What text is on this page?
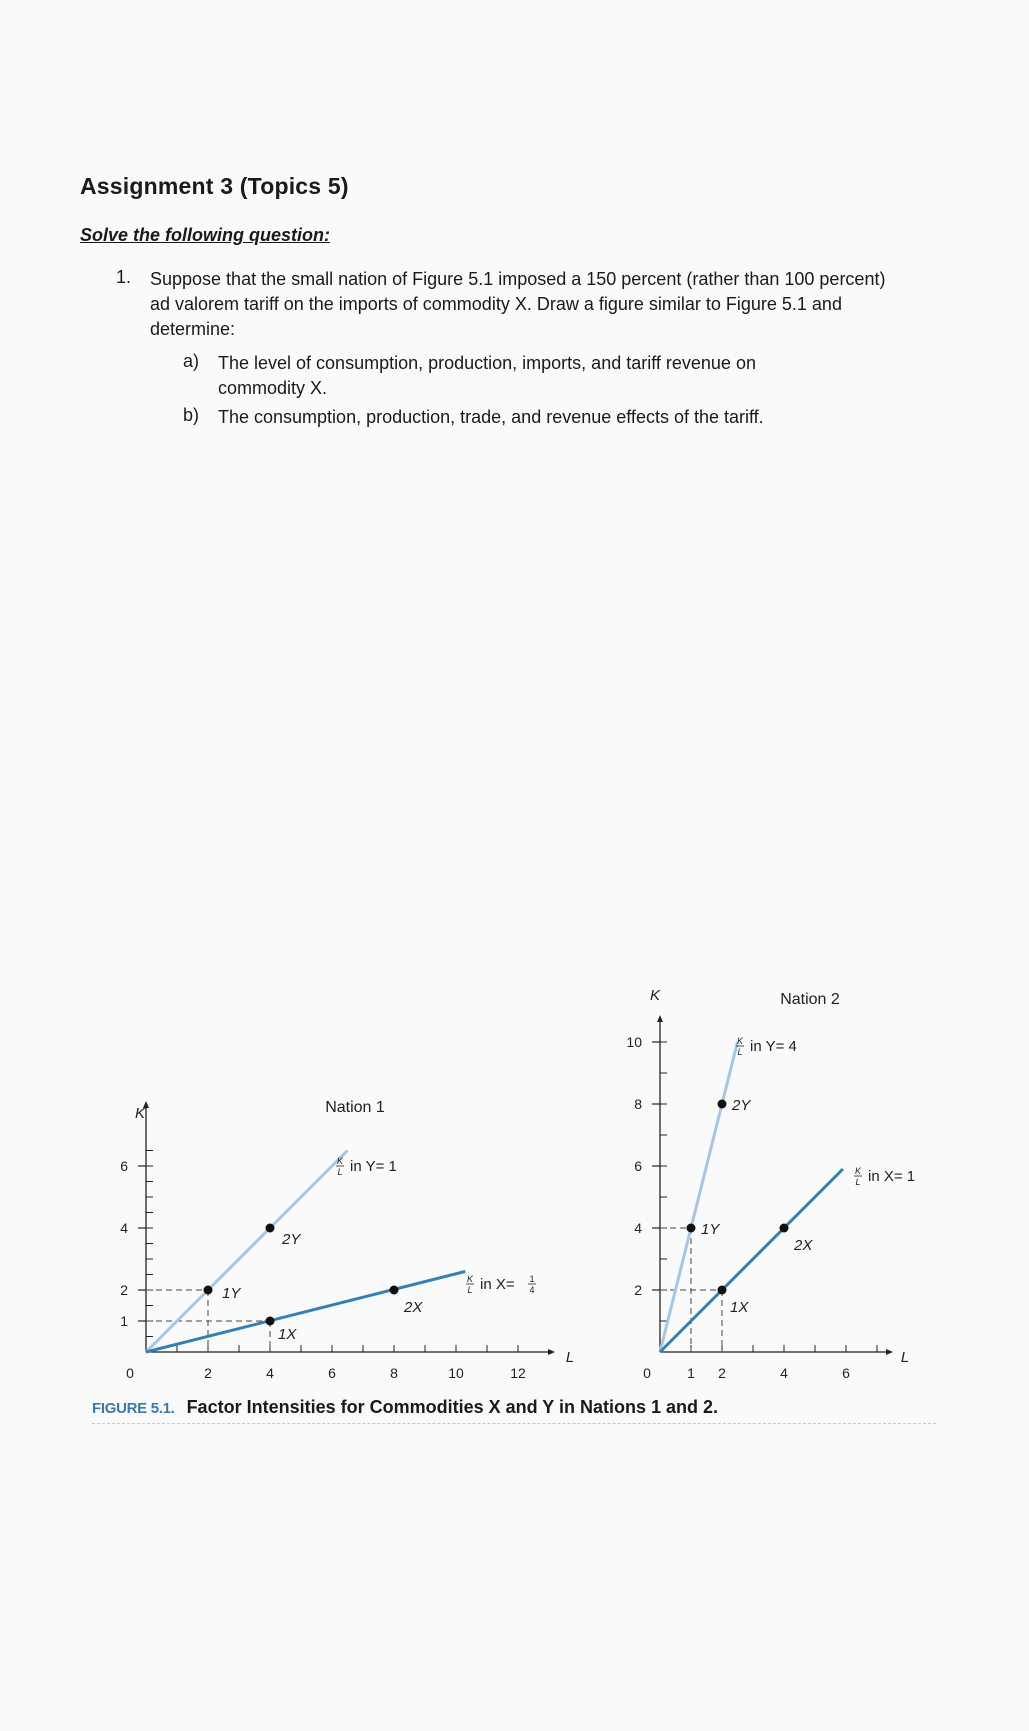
Assignment 3 (Topics 5)
Solve the following question:
1. Suppose that the small nation of Figure 5.1 imposed a 150 percent (rather than 100 percent)
ad valorem tariff on the imports of commodity X. Draw a figure similar to Figure 5.1 and
determine:
a) The level of consumption, production, imports, and tariff revenue on
commodity X.
b) The consumption, production, trade, and revenue effects of the tariff.
1
2
4
6
0	2	4	6	8	10	12
K
L
Nation 1
1Y
2Y
K
L in Y= 1
1X
2X
K
L in X= 1
4	2
4
6
8
10
0	1 2	4	6
K
L
Nation 2
1Y
2Y
K
L in Y= 4
1X
2X
K
L in X= 1
FIGURE 5.1. Factor Intensities for Commodities X and Y in Nations 1 and 2.
